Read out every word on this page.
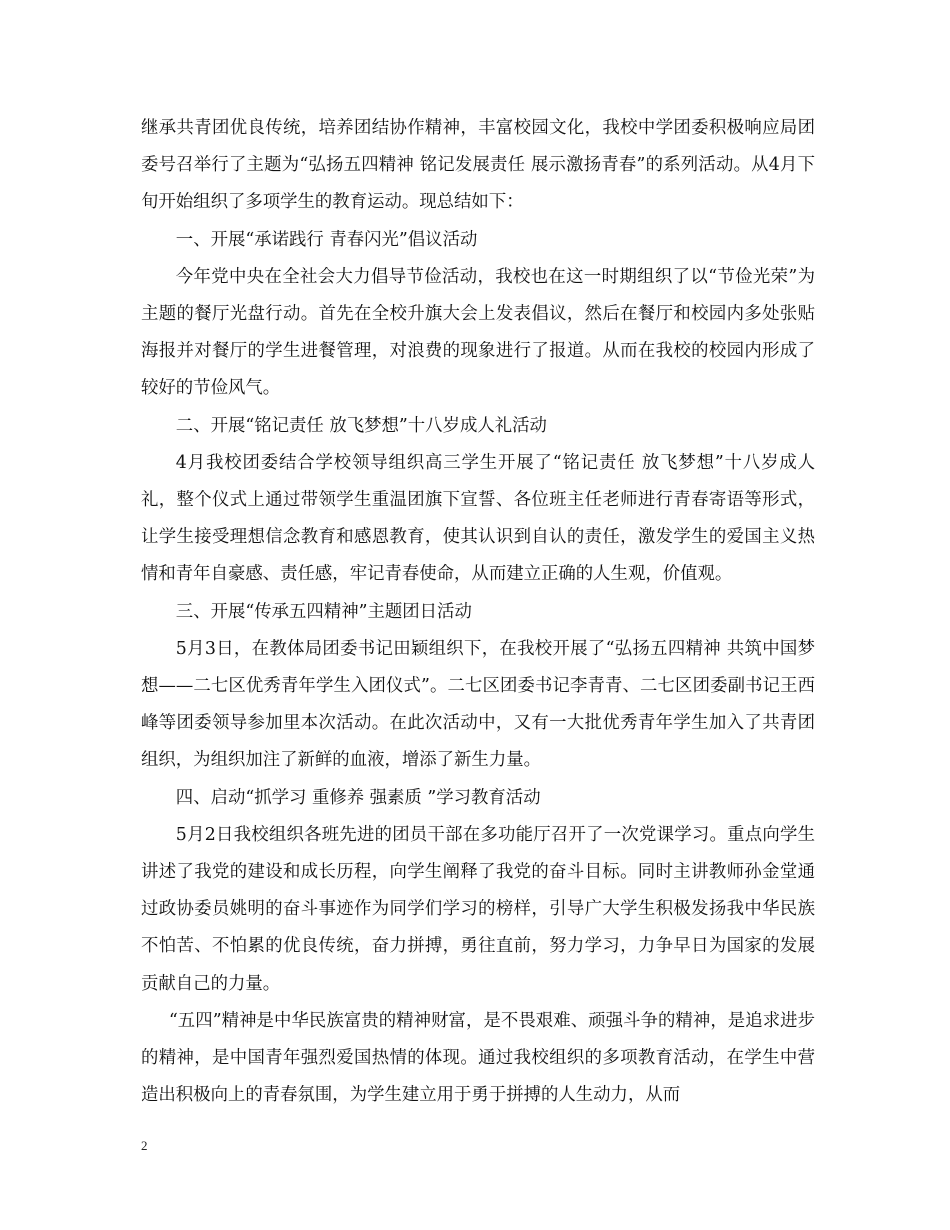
继承共青团优良传统，培养团结协作精神，丰富校园文化，我校中学团委积极响应局团委号召举行了主题为“弘扬五四精神 铭记发展责任 展示激扬青春”的系列活动。从4月下旬开始组织了多项学生的教育运动。现总结如下：

一、开展“承诺践行 青春闪光”倡议活动

今年党中央在全社会大力倡导节俭活动，我校也在这一时期组织了以“节俭光荣”为主题的餐厅光盘行动。首先在全校升旗大会上发表倡议，然后在餐厅和校园内多处张贴海报并对餐厅的学生进餐管理，对浪费的现象进行了报道。从而在我校的校园内形成了较好的节俭风气。

二、开展“铭记责任 放飞梦想”十八岁成人礼活动

4月我校团委结合学校领导组织高三学生开展了“铭记责任 放飞梦想”十八岁成人礼，整个仪式上通过带领学生重温团旗下宣誓、各位班主任老师进行青春寄语等形式，让学生接受理想信念教育和感恩教育，使其认识到自认的责任，激发学生的爱国主义热情和青年自豪感、责任感，牢记青春使命，从而建立正确的人生观，价值观。

三、开展“传承五四精神”主题团日活动

5月3日，在教体局团委书记田颖组织下，在我校开展了“弘扬五四精神 共筑中国梦想——二七区优秀青年学生入团仪式”。二七区团委书记李青青、二七区团委副书记王西峰等团委领导参加里本次活动。在此次活动中，又有一大批优秀青年学生加入了共青团组织，为组织加注了新鲜的血液，增添了新生力量。

四、启动“抓学习 重修养 强素质 ”学习教育活动

5月2日我校组织各班先进的团员干部在多功能厅召开了一次党课学习。重点向学生讲述了我党的建设和成长历程，向学生阐释了我党的奋斗目标。同时主讲教师孙金堂通过政协委员姚明的奋斗事迹作为同学们学习的榜样，引导广大学生积极发扬我中华民族不怕苦、不怕累的优良传统，奋力拼搏，勇往直前，努力学习，力争早日为国家的发展贡献自己的力量。

“五四”精神是中华民族富贵的精神财富，是不畏艰难、顽强斗争的精神，是追求进步的精神，是中国青年强烈爱国热情的体现。通过我校组织的多项教育活动，在学生中营造出积极向上的青春氛围，为学生建立用于勇于拼搏的人生动力，从而

2
